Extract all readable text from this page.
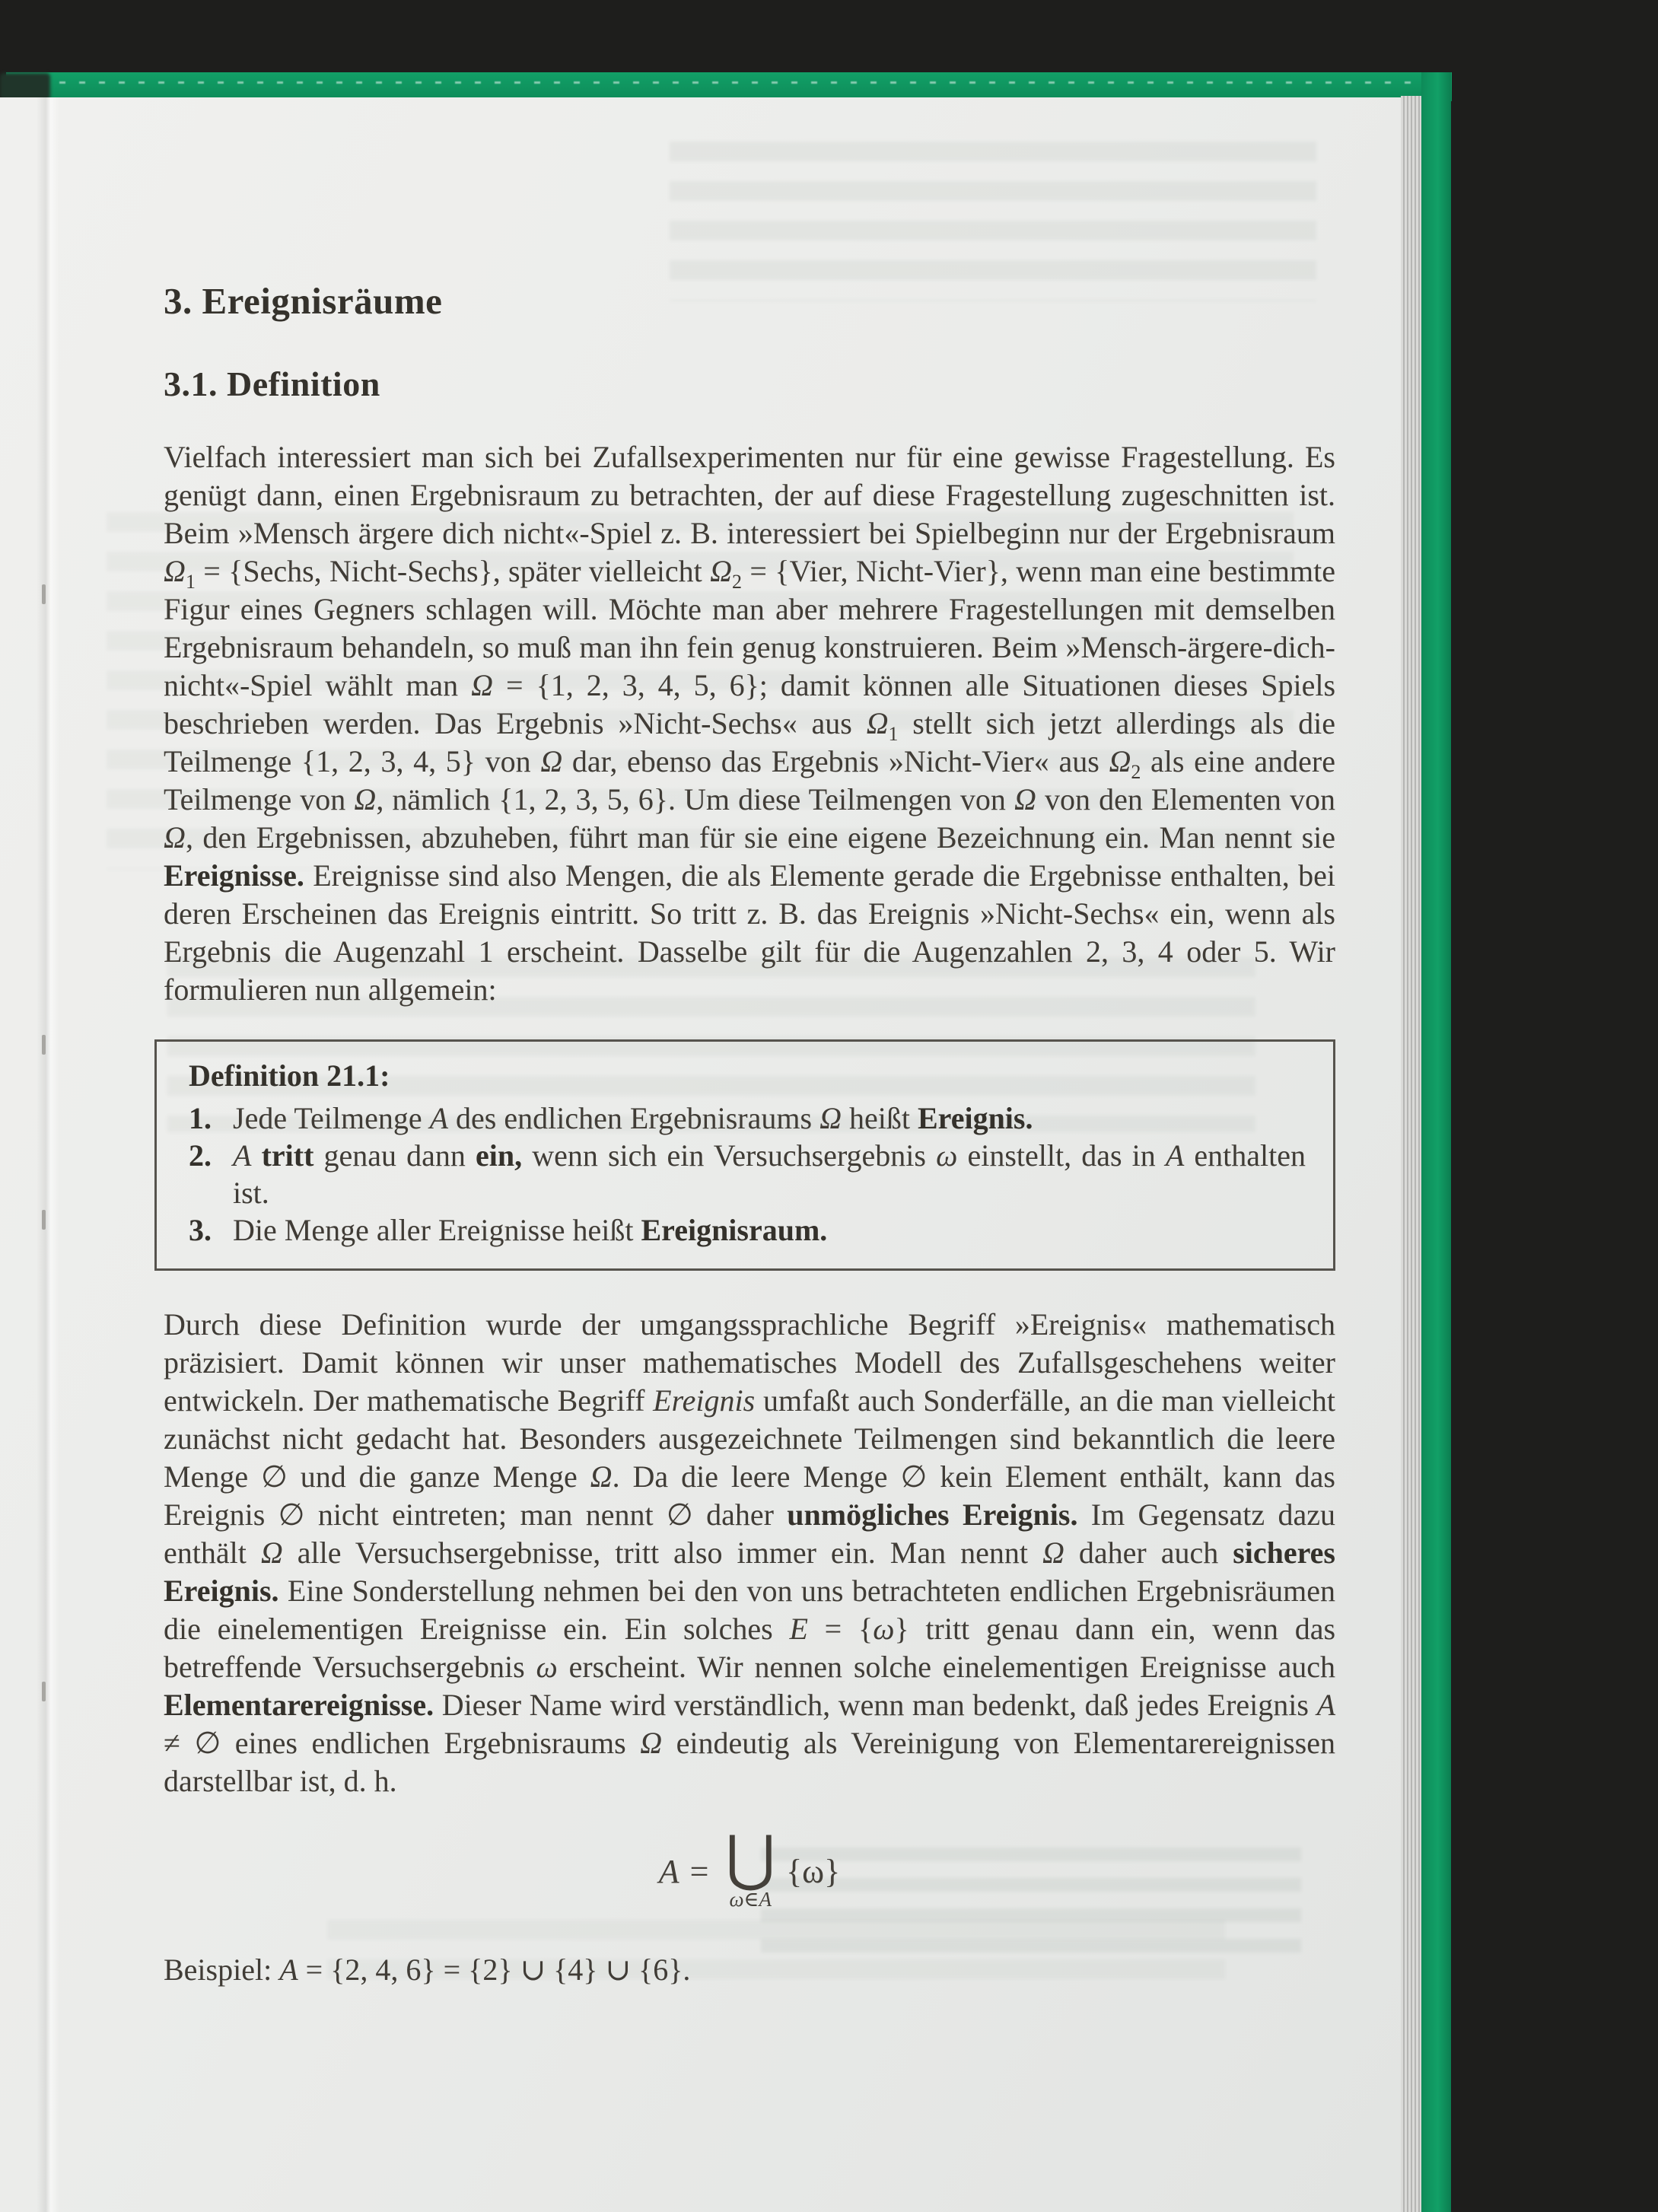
3. Ereignisräume
3.1. Definition

Vielfach interessiert man sich bei Zufallsexperimenten nur für eine gewisse Fragestellung. Es genügt dann, einen Ergebnisraum zu betrachten, der auf diese Fragestellung zugeschnitten ist. Beim »Mensch ärgere dich nicht«-Spiel z. B. interessiert bei Spielbeginn nur der Ergebnisraum $\Omega_1$ = {Sechs, Nicht-Sechs}, später vielleicht $\Omega_2$ = {Vier, Nicht-Vier}, wenn man eine bestimmte Figur eines Gegners schlagen will. Möchte man aber mehrere Fragestellungen mit demselben Ergebnisraum behandeln, so muß man ihn fein genug konstruieren. Beim »Mensch-ärgere-dich-nicht«-Spiel wählt man Ω = {1, 2, 3, 4, 5, 6}; damit können alle Situationen dieses Spiels beschrieben werden. Das Ergebnis »Nicht-Sechs« aus $\Omega_1$ stellt sich jetzt allerdings als die Teilmenge {1, 2, 3, 4, 5} von Ω dar, ebenso das Ergebnis »Nicht-Vier« aus $\Omega_2$ als eine andere Teilmenge von Ω, nämlich {1, 2, 3, 5, 6}. Um diese Teilmengen von Ω von den Elementen von Ω, den Ergebnissen, abzuheben, führt man für sie eine eigene Bezeichnung ein. Man nennt sie Ereignisse. Ereignisse sind also Mengen, die als Elemente gerade die Ergebnisse enthalten, bei deren Erscheinen das Ereignis eintritt. So tritt z. B. das Ereignis »Nicht-Sechs« ein, wenn als Ergebnis die Augenzahl 1 erscheint. Dasselbe gilt für die Augenzahlen 2, 3, 4 oder 5. Wir formulieren nun allgemein:

Definition 21.1:
1. Jede Teilmenge A des endlichen Ergebnisraums Ω heißt Ereignis.
2. A tritt genau dann ein, wenn sich ein Versuchsergebnis ω einstellt, das in A enthalten ist.
3. Die Menge aller Ereignisse heißt Ereignisraum.

Durch diese Definition wurde der umgangssprachliche Begriff »Ereignis« mathematisch präzisiert. Damit können wir unser mathematisches Modell des Zufallsgeschehens weiter entwickeln. Der mathematische Begriff Ereignis umfaßt auch Sonderfälle, an die man vielleicht zunächst nicht gedacht hat. Besonders ausgezeichnete Teilmengen sind bekanntlich die leere Menge ∅ und die ganze Menge Ω. Da die leere Menge ∅ kein Element enthält, kann das Ereignis ∅ nicht eintreten; man nennt ∅ daher unmögliches Ereignis. Im Gegensatz dazu enthält Ω alle Versuchsergebnisse, tritt also immer ein. Man nennt Ω daher auch sicheres Ereignis. Eine Sonderstellung nehmen bei den von uns betrachteten endlichen Ergebnisräumen die einelementigen Ereignisse ein. Ein solches E = {ω} tritt genau dann ein, wenn das betreffende Versuchsergebnis ω erscheint. Wir nennen solche einelementigen Ereignisse auch Elementarereignisse. Dieser Name wird verständlich, wenn man bedenkt, daß jedes Ereignis A ≠ ∅ eines endlichen Ergebnisraums Ω eindeutig als Vereinigung von Elementarereignissen darstellbar ist, d. h.

A = ⋃
ω∈A
{ω}

Beispiel: A = {2, 4, 6} = {2} ∪ {4} ∪ {6}.
